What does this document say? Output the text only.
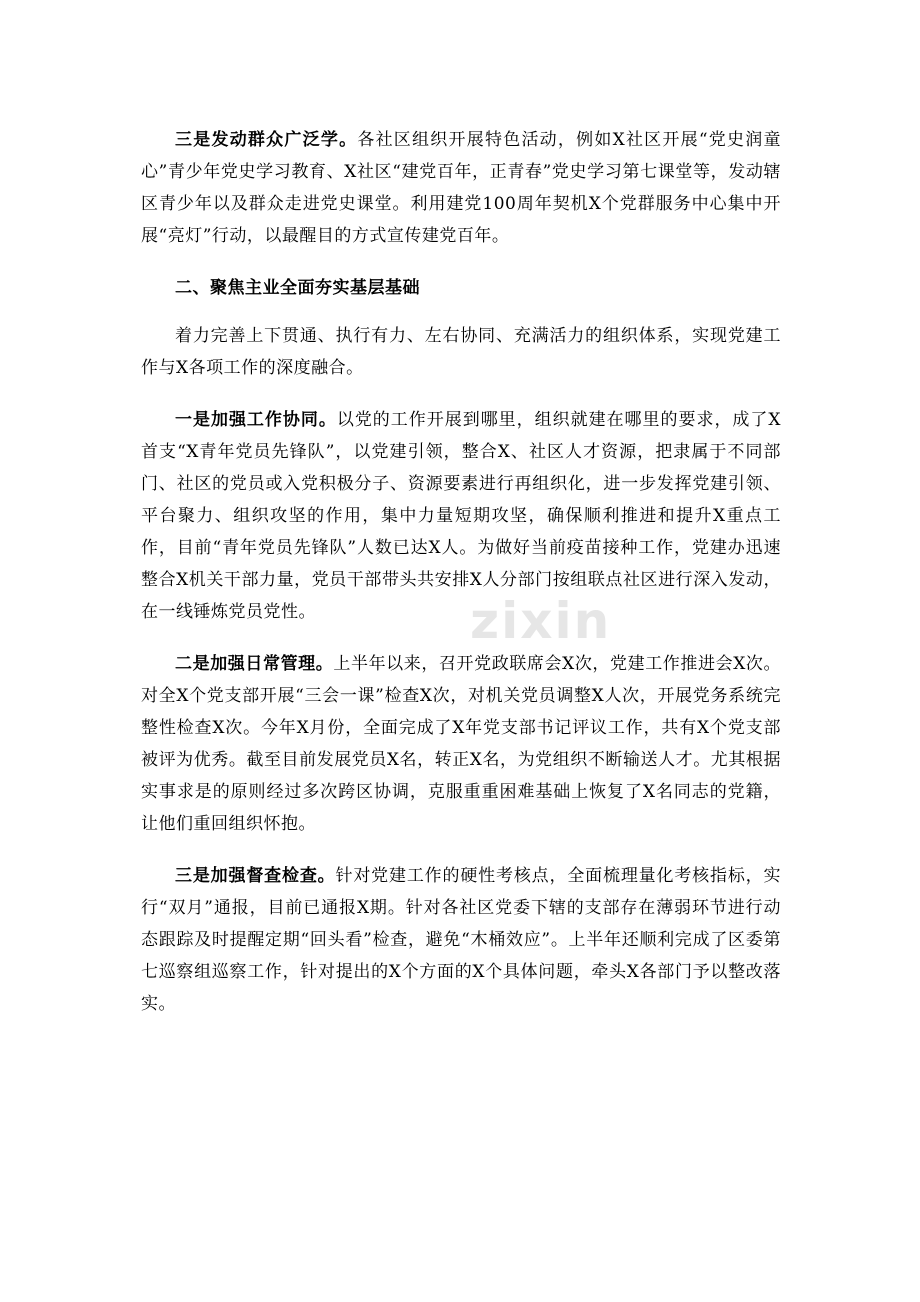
三是发动群众广泛学。各社区组织开展特色活动，例如X社区开展“党史润童心”青少年党史学习教育、X社区“建党百年，正青春”党史学习第七课堂等，发动辖区青少年以及群众走进党史课堂。利用建党100周年契机X个党群服务中心集中开展“亮灯”行动，以最醒目的方式宣传建党百年。

二、聚焦主业全面夯实基层基础

着力完善上下贯通、执行有力、左右协同、充满活力的组织体系，实现党建工作与X各项工作的深度融合。

一是加强工作协同。以党的工作开展到哪里，组织就建在哪里的要求，成了X首支“X青年党员先锋队”，以党建引领，整合X、社区人才资源，把隶属于不同部门、社区的党员或入党积极分子、资源要素进行再组织化，进一步发挥党建引领、平台聚力、组织攻坚的作用，集中力量短期攻坚，确保顺利推进和提升X重点工作，目前“青年党员先锋队”人数已达X人。为做好当前疫苗接种工作，党建办迅速整合X机关干部力量，党员干部带头共安排X人分部门按组联点社区进行深入发动，在一线锤炼党员党性。

二是加强日常管理。上半年以来，召开党政联席会X次，党建工作推进会X次。对全X个党支部开展“三会一课”检查X次，对机关党员调整X人次，开展党务系统完整性检查X次。今年X月份，全面完成了X年党支部书记评议工作，共有X个党支部被评为优秀。截至目前发展党员X名，转正X名，为党组织不断输送人才。尤其根据实事求是的原则经过多次跨区协调，克服重重困难基础上恢复了X名同志的党籍，让他们重回组织怀抱。

三是加强督查检查。针对党建工作的硬性考核点，全面梳理量化考核指标，实行“双月”通报，目前已通报X期。针对各社区党委下辖的支部存在薄弱环节进行动态跟踪及时提醒定期“回头看”检查，避免“木桶效应”。上半年还顺利完成了区委第七巡察组巡察工作，针对提出的X个方面的X个具体问题，牵头X各部门予以整改落实。

zixin
